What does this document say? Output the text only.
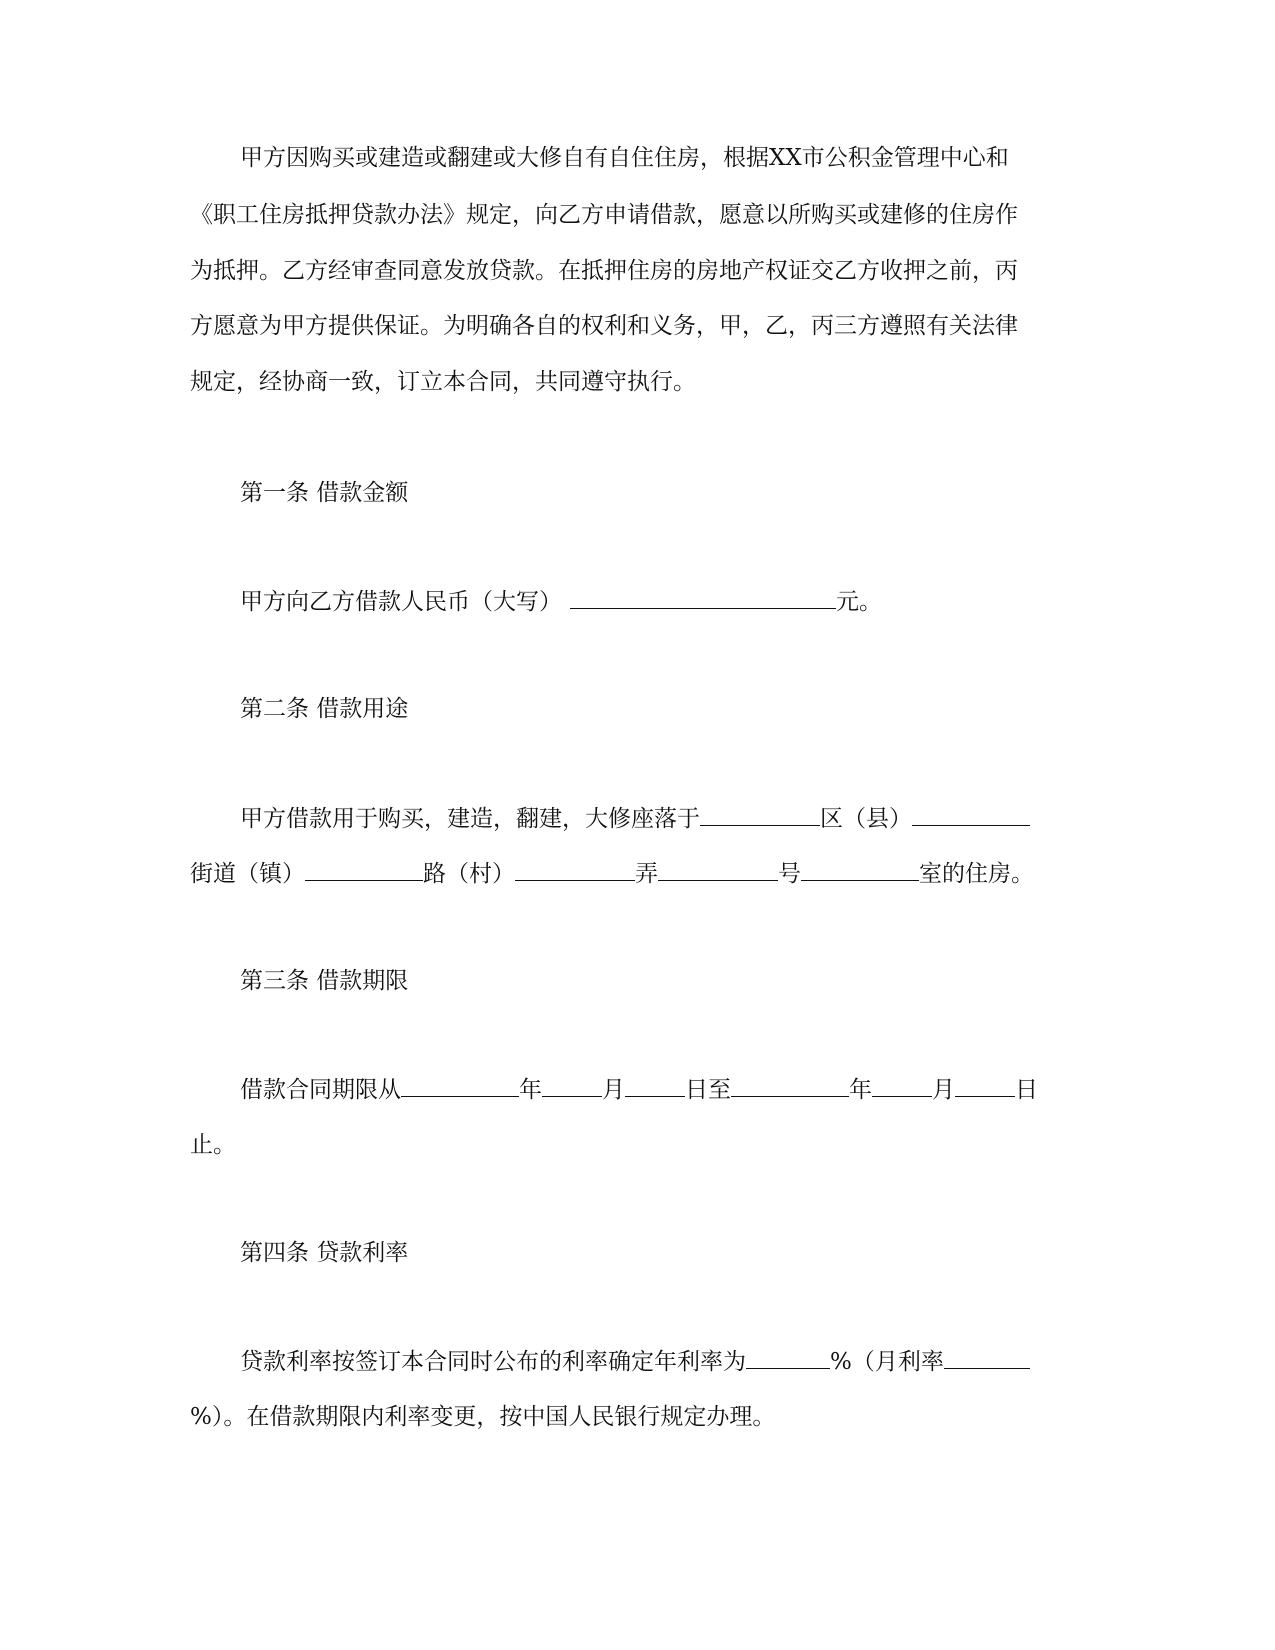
甲方因购买或建造或翻建或大修自有自住住房，根据XX市公积金管理中心和
《职工住房抵押贷款办法》规定，向乙方申请借款，愿意以所购买或建修的住房作
为抵押。乙方经审查同意发放贷款。在抵押住房的房地产权证交乙方收押之前，丙
方愿意为甲方提供保证。为明确各自的权利和义务，甲，乙，丙三方遵照有关法律
规定，经协商一致，订立本合同，共同遵守执行。
第一条 借款金额
甲方向乙方借款人民币（大写）	元。
第二条 借款用途
甲方借款用于购买，建造，翻建，大修座落于	区（县）
街道（镇）	路（村）	弄	号	室的住房。
第三条 借款期限
借款合同期限从	年	月	日至	年	月	日
止。
第四条 贷款利率
贷款利率按签订本合同时公布的利率确定年利率为	%（月利率
%）。在借款期限内利率变更，按中国人民银行规定办理。
